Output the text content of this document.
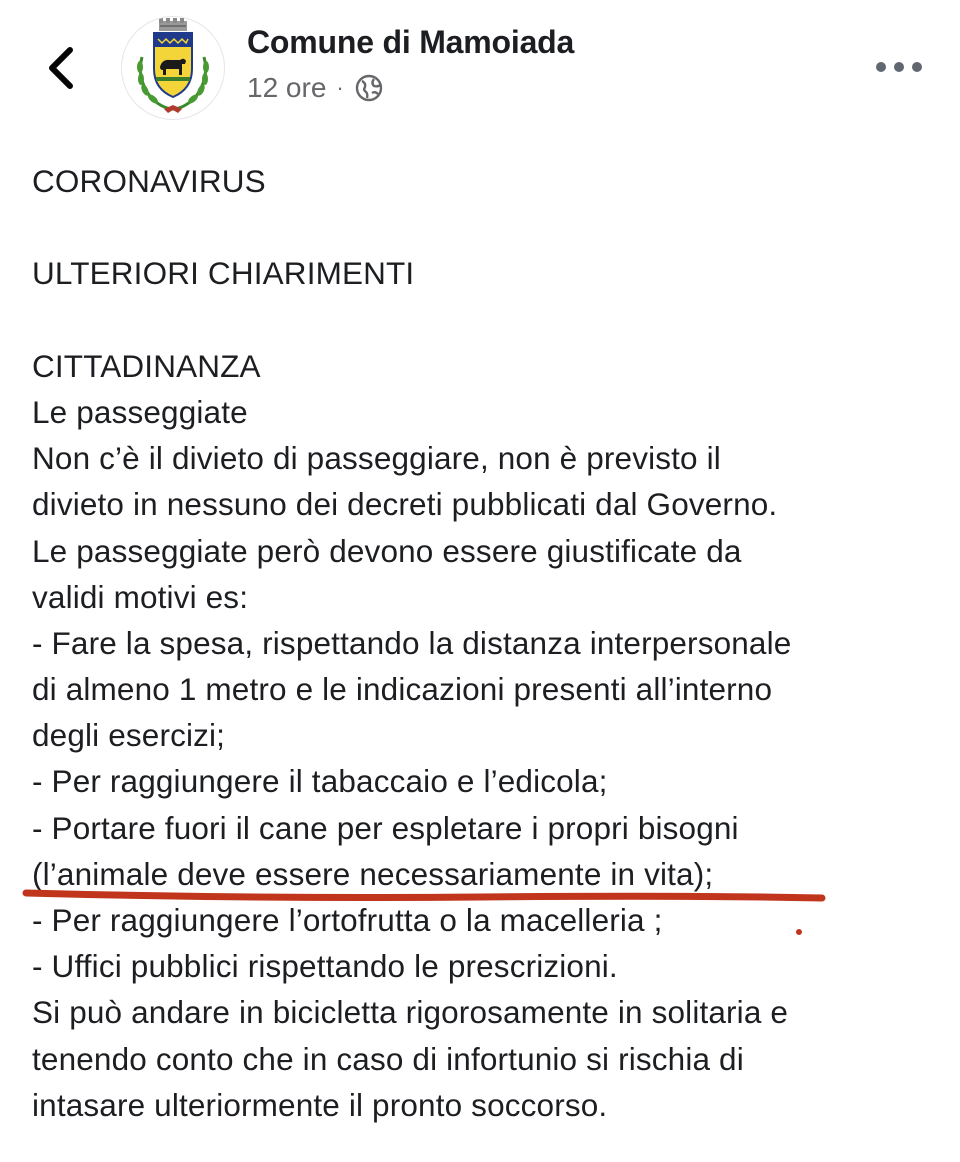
Comune di Mamoiada
12 ore ·
CORONAVIRUS
ULTERIORI CHIARIMENTI
CITTADINANZA
Le passeggiate
Non c’è il divieto di passeggiare, non è previsto il
divieto in nessuno dei decreti pubblicati dal Governo.
Le passeggiate però devono essere giustificate da
validi motivi es:
- Fare la spesa, rispettando la distanza interpersonale
di almeno 1 metro e le indicazioni presenti all’interno
degli esercizi;
- Per raggiungere il tabaccaio e l’edicola;
- Portare fuori il cane per espletare i propri bisogni
(l’animale deve essere necessariamente in vita);
- Per raggiungere l’ortofrutta o la macelleria ;
- Uffici pubblici rispettando le prescrizioni.
Si può andare in bicicletta rigorosamente in solitaria e
tenendo conto che in caso di infortunio si rischia di
intasare ulteriormente il pronto soccorso.
